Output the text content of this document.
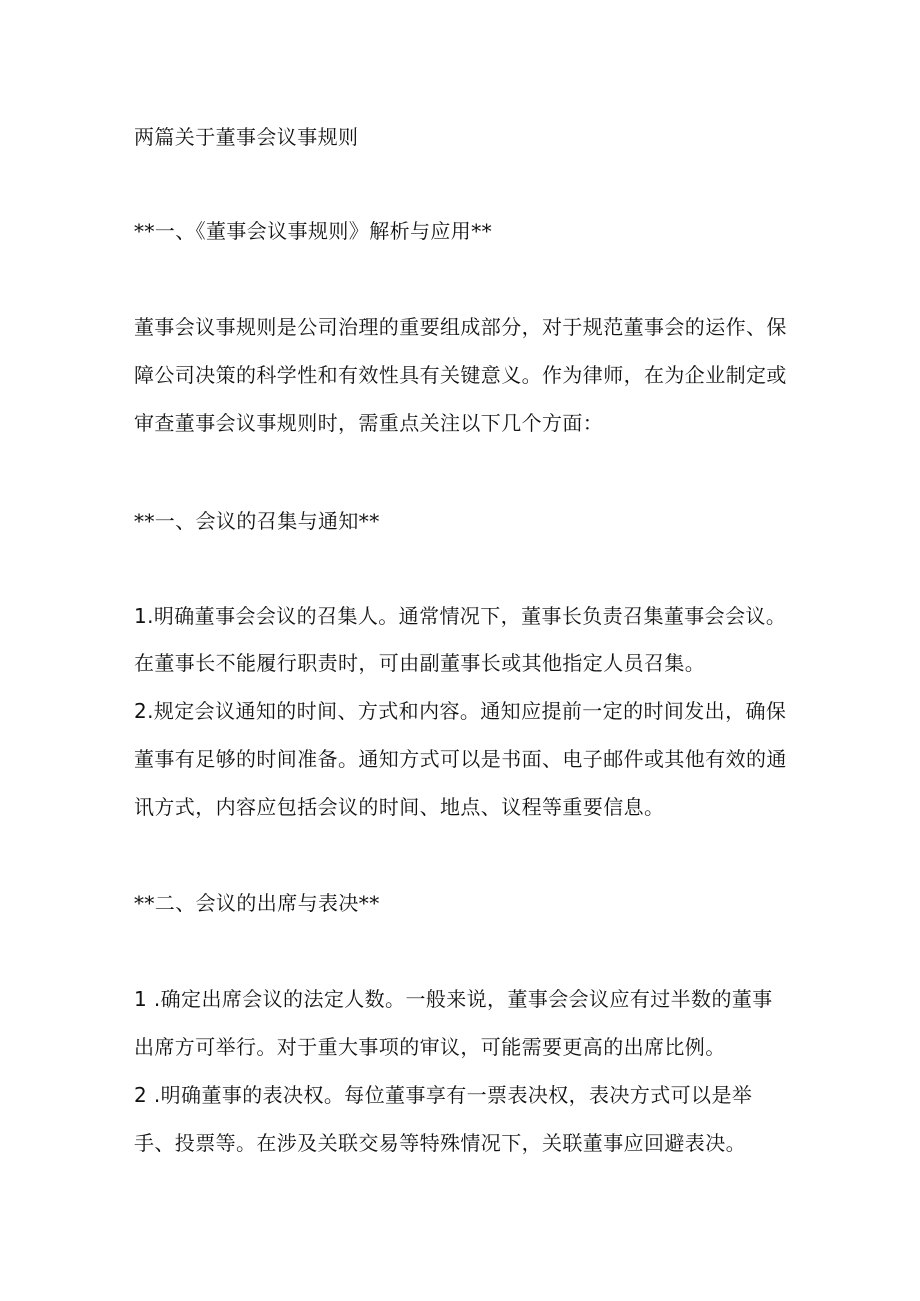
两篇关于董事会议事规则
**一、《董事会议事规则》解析与应用**
董事会议事规则是公司治理的重要组成部分，对于规范董事会的运作、保
障公司决策的科学性和有效性具有关键意义。作为律师，在为企业制定或
审查董事会议事规则时，需重点关注以下几个方面：
**一、会议的召集与通知**
1.明确董事会会议的召集人。通常情况下，董事长负责召集董事会会议。
在董事长不能履行职责时，可由副董事长或其他指定人员召集。
2.规定会议通知的时间、方式和内容。通知应提前一定的时间发出，确保
董事有足够的时间准备。通知方式可以是书面、电子邮件或其他有效的通
讯方式，内容应包括会议的时间、地点、议程等重要信息。
**二、会议的出席与表决**
1 .确定出席会议的法定人数。一般来说，董事会会议应有过半数的董事
出席方可举行。对于重大事项的审议，可能需要更高的出席比例。
2 .明确董事的表决权。每位董事享有一票表决权，表决方式可以是举
手、投票等。在涉及关联交易等特殊情况下，关联董事应回避表决。
